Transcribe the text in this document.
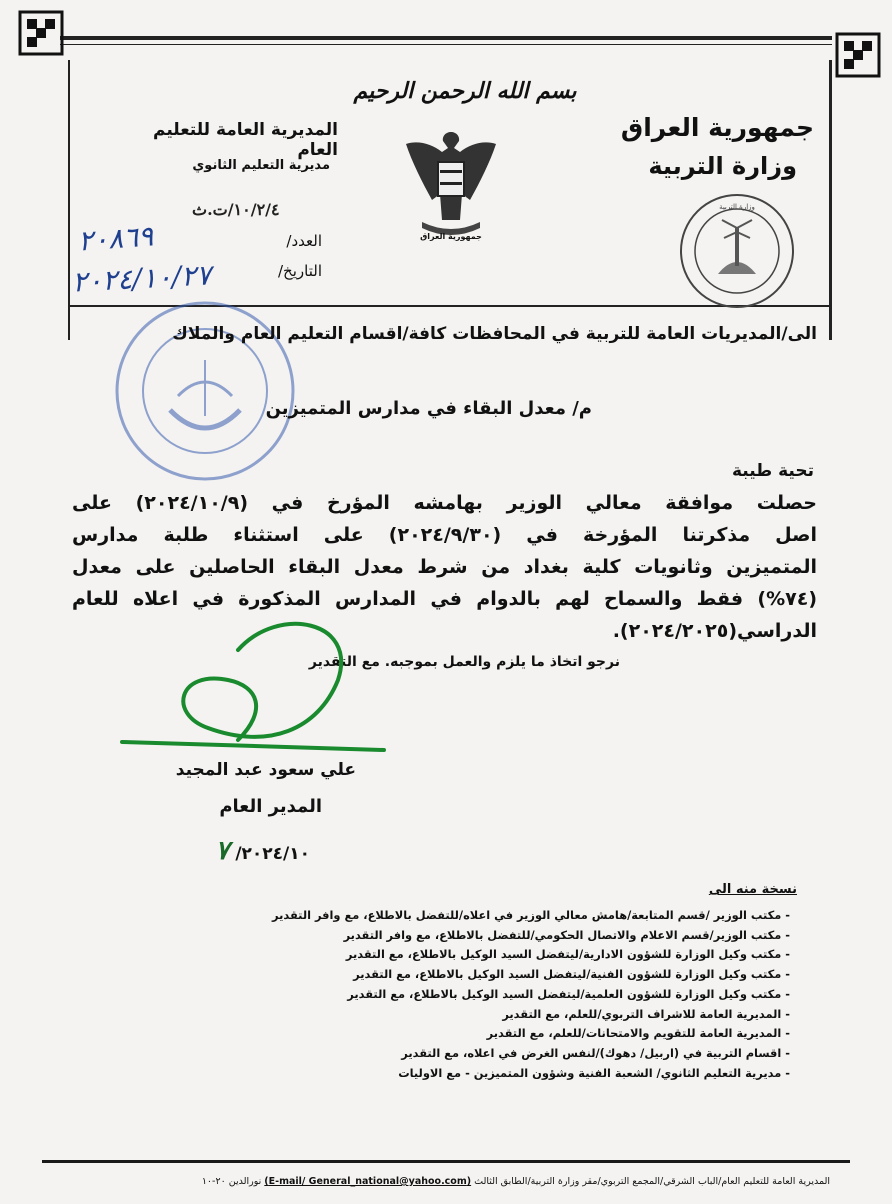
بسم الله الرحمن الرحيم
جمهورية العراق
وزارة التربية
المديرية العامة للتعليم العام
مديرية التعليم الثانوي
العدد/
١٠/٢/٤/ت.ث
٢٠٨٦٩
التاريخ/
٢٠٢٤/١٠/٢٧
جمهورية العراق
وزارة التربية
الى/المديريات العامة للتربية في المحافظات كافة/اقسام التعليم العام والملاك
م/ معدل البقاء في مدارس المتميزين
تحية طيبة
حصلت موافقة معالي الوزير بهامشه المؤرخ في (٢٠٢٤/١٠/٩) على
اصل مذكرتنا المؤرخة في (٢٠٢٤/٩/٣٠) على استثناء طلبة مدارس
المتميزين وثانويات كلية بغداد من شرط معدل البقاء الحاصلين على معدل
(٧٤%) فقط والسماح لهم بالدوام في المدارس المذكورة في اعلاه للعام
الدراسي(٢٠٢٤/٢٠٢٥).
نرجو اتخاذ ما يلزم والعمل بموجبه. مع التقدير
علي سعود عبد المجيد
المدير العام
٢٠٢٤/١٠/ ٧
نسخة منه الى
- مكتب الوزير /قسم المتابعة/هامش معالي الوزير في اعلاه/للتفضل بالاطلاع، مع وافر التقدير
- مكتب الوزير/قسم الاعلام والاتصال الحكومي/للتفضل بالاطلاع، مع وافر التقدير
- مكتب وكيل الوزارة للشؤون الادارية/ليتفضل السيد الوكيل بالاطلاع، مع التقدير
- مكتب وكيل الوزارة للشؤون الفنية/ليتفضل السيد الوكيل بالاطلاع، مع التقدير
- مكتب وكيل الوزارة للشؤون العلمية/ليتفضل السيد الوكيل بالاطلاع، مع التقدير
- المديرية العامة للاشراف التربوي/للعلم، مع التقدير
- المديرية العامة للتقويم والامتحانات/للعلم، مع التقدير
- اقسام التربية في (اربيل/ دهوك)/لنفس الغرض في اعلاه، مع التقدير
- مديرية التعليم الثانوي/ الشعبة الفنية وشؤون المتميزين - مع الاوليات
المديرية العامة للتعليم العام/الباب الشرقي/المجمع التربوي/مقر وزارة التربية/الطابق الثالث (E-mail/ General_national@yahoo.com) نورالدين ٢٠-١٠
